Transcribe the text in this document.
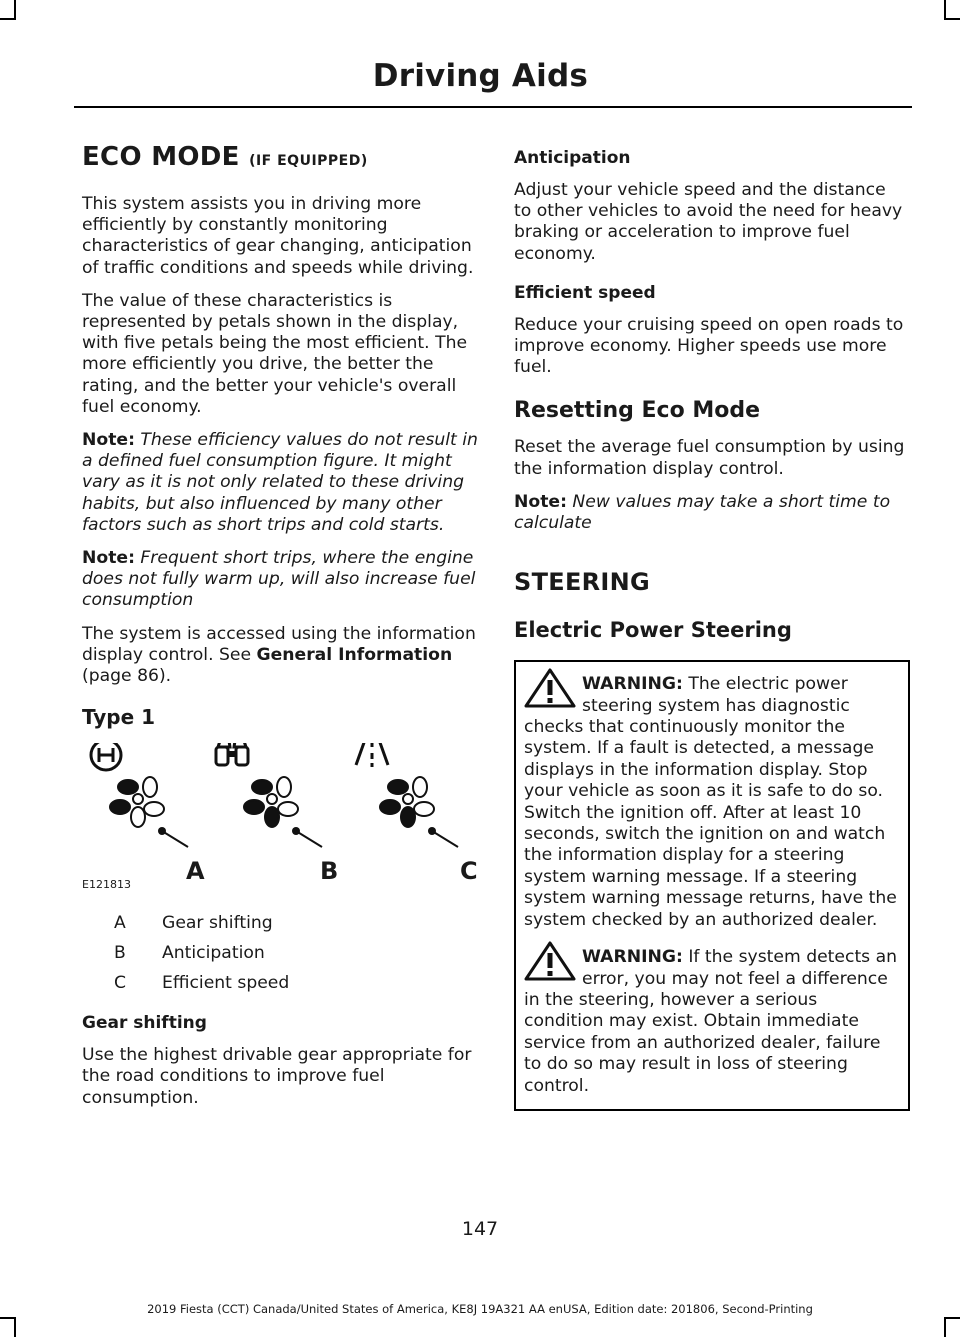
Driving Aids
ECO MODE (IF EQUIPPED)

This system assists you in driving more efficiently by constantly monitoring characteristics of gear changing, anticipation of traffic conditions and speeds while driving.

The value of these characteristics is represented by petals shown in the display, with five petals being the most efficient. The more efficiently you drive, the better the rating, and the better your vehicle's overall fuel economy.

Note: These efficiency values do not result in a defined fuel consumption figure. It might vary as it is not only related to these driving habits, but also influenced by many other factors such as short trips and cold starts.

Note: Frequent short trips, where the engine does not fully warm up, will also increase fuel consumption

The system is accessed using the information display control. See General Information (page 86).

Type 1
E121813 A	B	C
A	Gear shifting
B	Anticipation
C	Efficient speed
Gear shifting

Use the highest drivable gear appropriate for the road conditions to improve fuel consumption.

Anticipation

Adjust your vehicle speed and the distance to other vehicles to avoid the need for heavy braking or acceleration to improve fuel economy.

Efficient speed

Reduce your cruising speed on open roads to improve economy. Higher speeds use more fuel.

Resetting Eco Mode

Reset the average fuel consumption by using the information display control.

Note: New values may take a short time to calculate

STEERING
Electric Power Steering
WARNING: The electric power steering system has diagnostic checks that continuously monitor the system. If a fault is detected, a message displays in the information display. Stop your vehicle as soon as it is safe to do so. Switch the ignition off. After at least 10 seconds, switch the ignition on and watch the information display for a steering system warning message. If a steering system warning message returns, have the system checked by an authorized dealer.
WARNING: If the system detects an error, you may not feel a difference in the steering, however a serious condition may exist. Obtain immediate service from an authorized dealer, failure to do so may result in loss of steering control.
147
2019 Fiesta (CCT) Canada/United States of America, KE8J 19A321 AA enUSA, Edition date: 201806, Second-Printing
